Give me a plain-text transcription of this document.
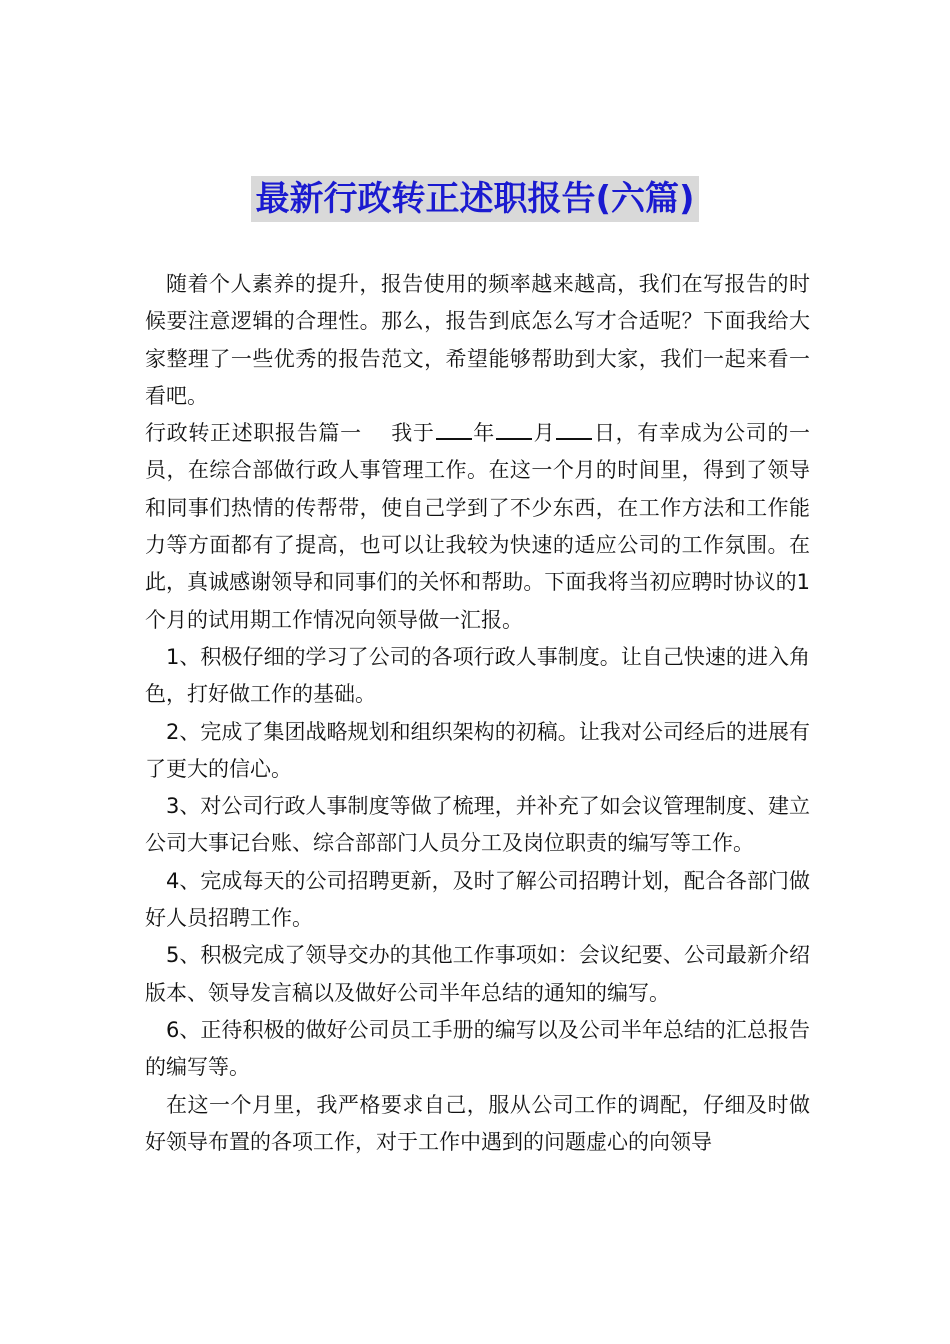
最新行政转正述职报告(六篇)

随着个人素养的提升，报告使用的频率越来越高，我们在写报告的时候要注意逻辑的合理性。那么，报告到底怎么写才合适呢？下面我给大家整理了一些优秀的报告范文，希望能够帮助到大家，我们一起来看一看吧。

行政转正述职报告篇一 我于 年 月 日，有幸成为公司的一员，在综合部做行政人事管理工作。在这一个月的时间里，得到了领导和同事们热情的传帮带，使自己学到了不少东西，在工作方法和工作能力等方面都有了提高，也可以让我较为快速的适应公司的工作氛围。在此，真诚感谢领导和同事们的关怀和帮助。下面我将当初应聘时协议的1个月的试用期工作情况向领导做一汇报。

1、积极仔细的学习了公司的各项行政人事制度。让自己快速的进入角色，打好做工作的基础。

2、完成了集团战略规划和组织架构的初稿。让我对公司经后的进展有了更大的信心。

3、对公司行政人事制度等做了梳理，并补充了如会议管理制度、建立公司大事记台账、综合部部门人员分工及岗位职责的编写等工作。

4、完成每天的公司招聘更新，及时了解公司招聘计划，配合各部门做好人员招聘工作。

5、积极完成了领导交办的其他工作事项如：会议纪要、公司最新介绍版本、领导发言稿以及做好公司半年总结的通知的编写。

6、正待积极的做好公司员工手册的编写以及公司半年总结的汇总报告的编写等。

在这一个月里，我严格要求自己，服从公司工作的调配，仔细及时做好领导布置的各项工作，对于工作中遇到的问题虚心的向领导
